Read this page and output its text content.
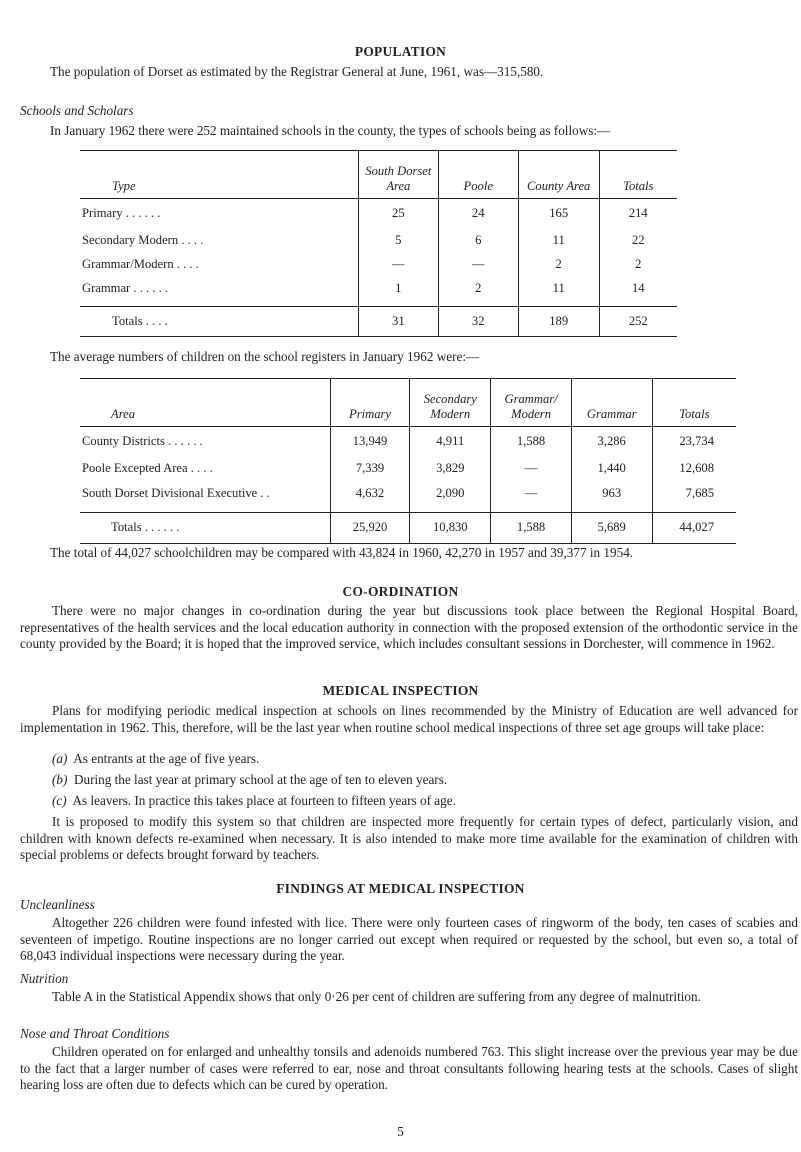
POPULATION
The population of Dorset as estimated by the Registrar General at June, 1961, was—315,580.
Schools and Scholars
In January 1962 there were 252 maintained schools in the county, the types of schools being as follows:—
Type	South Dorset Area	Poole	County Area	Totals
Primary . . . . . .	25	24	165	214
Secondary Modern . . . .	5	6	11	22
Grammar/Modern . . . .	—	—	2	2
Grammar . . . . . .	1	2	11	14
Totals . . . .	31	32	189	252
The average numbers of children on the school registers in January 1962 were:—
Area	Primary	Secondary Modern	Grammar/ Modern	Grammar	Totals
County Districts . . . . . .	13,949	4,911	1,588	3,286	23,734
Poole Excepted Area . . . .	7,339	3,829	—	1,440	12,608
South Dorset Divisional Executive . .	4,632	2,090	—	963	7,685
Totals . . . . . .	25,920	10,830	1,588	5,689	44,027
The total of 44,027 schoolchildren may be compared with 43,824 in 1960, 42,270 in 1957 and 39,377 in 1954.
CO-ORDINATION
There were no major changes in co-ordination during the year but discussions took place between the Regional Hospital Board, representatives of the health services and the local education authority in connection with the proposed extension of the orthodontic service in the county provided by the Board; it is hoped that the improved service, which includes consultant sessions in Dorchester, will commence in 1962.
MEDICAL INSPECTION
Plans for modifying periodic medical inspection at schools on lines recommended by the Ministry of Education are well advanced for implementation in 1962. This, therefore, will be the last year when routine school medical inspections of three set age groups will take place:
(a) As entrants at the age of five years.
(b) During the last year at primary school at the age of ten to eleven years.
(c) As leavers. In practice this takes place at fourteen to fifteen years of age.
It is proposed to modify this system so that children are inspected more frequently for certain types of defect, particularly vision, and children with known defects re-examined when necessary. It is also intended to make more time available for the examination of children with special problems or defects brought forward by teachers.
FINDINGS AT MEDICAL INSPECTION
Uncleanliness
Altogether 226 children were found infested with lice. There were only fourteen cases of ringworm of the body, ten cases of scabies and seventeen of impetigo. Routine inspections are no longer carried out except when required or requested by the school, but even so, a total of 68,043 individual inspections were necessary during the year.
Nutrition
Table A in the Statistical Appendix shows that only 0·26 per cent of children are suffering from any degree of malnutrition.
Nose and Throat Conditions
Children operated on for enlarged and unhealthy tonsils and adenoids numbered 763. This slight increase over the previous year may be due to the fact that a larger number of cases were referred to ear, nose and throat consultants following hearing tests at the schools. Cases of slight hearing loss are often due to defects which can be cured by operation.
5
